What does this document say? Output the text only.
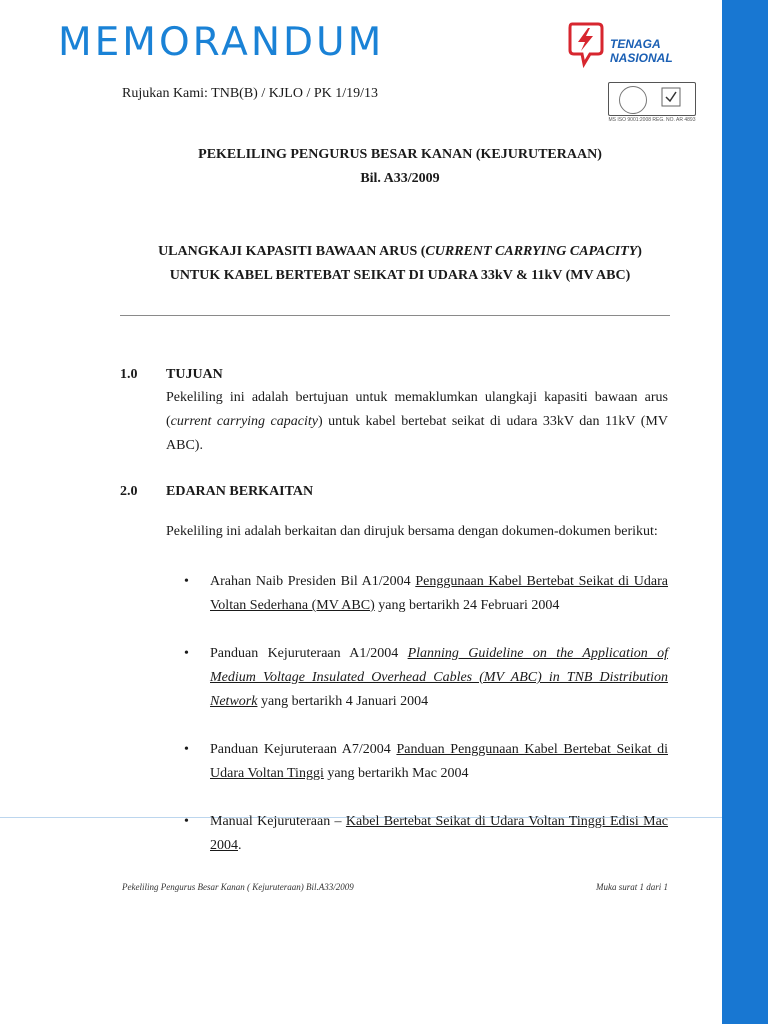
MEMORANDUM	TENAGA
NASIONAL
MS ISO 9001:2008 REG. NO. AR 4893
Rujukan Kami: TNB(B) / KJLO / PK 1/19/13
PEKELILING PENGURUS BESAR KANAN (KEJURUTERAAN)
Bil. A33/2009
ULANGKAJI KAPASITI BAWAAN ARUS (CURRENT CARRYING CAPACITY)
UNTUK KABEL BERTEBAT SEIKAT DI UDARA 33kV & 11kV (MV ABC)
1.0 TUJUAN
Pekeliling ini adalah bertujuan untuk memaklumkan ulangkaji kapasiti bawaan arus (current carrying capacity) untuk kabel bertebat seikat di udara 33kV dan 11kV (MV ABC).
2.0 EDARAN BERKAITAN
Pekeliling ini adalah berkaitan dan dirujuk bersama dengan dokumen-dokumen berikut:
• Arahan Naib Presiden Bil A1/2004 Penggunaan Kabel Bertebat Seikat di Udara Voltan Sederhana (MV ABC) yang bertarikh 24 Februari 2004
• Panduan Kejuruteraan A1/2004 Planning Guideline on the Application of Medium Voltage Insulated Overhead Cables (MV ABC) in TNB Distribution Network yang bertarikh 4 Januari 2004
• Panduan Kejuruteraan A7/2004 Panduan Penggunaan Kabel Bertebat Seikat di Udara Voltan Tinggi yang bertarikh Mac 2004
• Manual Kejuruteraan – Kabel Bertebat Seikat di Udara Voltan Tinggi Edisi Mac 2004.
Pekeliling Pengurus Besar Kanan ( Kejuruteraan) Bil.A33/2009	Muka surat 1 dari 1
